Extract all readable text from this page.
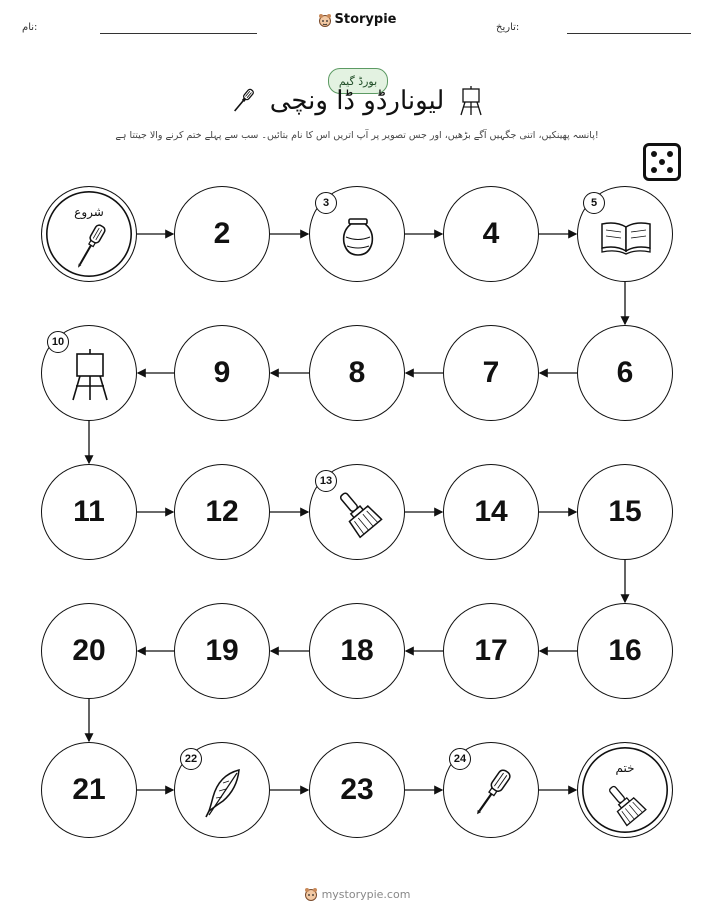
نام:	تاریخ:
Storypie
بورڈ گیم
لیونارڈو ڈا ونچی
پانسہ پھینکیں، اتنی جگہیں آگے بڑھیں، اور جس تصویر پر آپ اتریں اس کا نام بتائیں۔ سب سے پہلے ختم کرنے والا جیتتا ہے!
شروع
2
3
4
5
6
7
8
9
10
11	12
13
14	15
16
17
18
19
20
21
22
23
24
ختم
mystorypie.com
